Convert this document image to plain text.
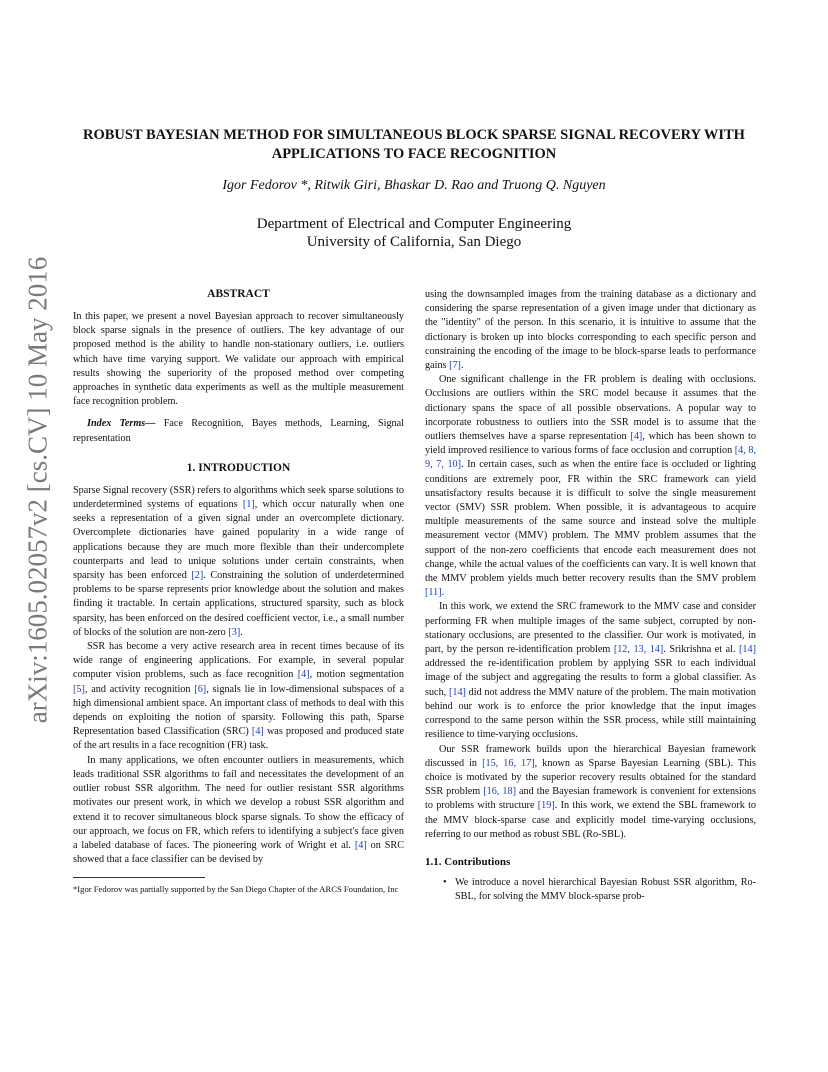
arXiv:1605.02057v2 [cs.CV] 10 May 2016
ROBUST BAYESIAN METHOD FOR SIMULTANEOUS BLOCK SPARSE SIGNAL RECOVERY WITH APPLICATIONS TO FACE RECOGNITION
Igor Fedorov *, Ritwik Giri, Bhaskar D. Rao and Truong Q. Nguyen
Department of Electrical and Computer Engineering
University of California, San Diego
ABSTRACT

In this paper, we present a novel Bayesian approach to recover simultaneously block sparse signals in the presence of outliers. The key advantage of our proposed method is the ability to handle non-stationary outliers, i.e. outliers which have time varying support. We validate our approach with empirical results showing the superiority of the proposed method over competing approaches in synthetic data experiments as well as the multiple measurement face recognition problem.

Index Terms— Face Recognition, Bayes methods, Learning, Signal representation

1. INTRODUCTION

Sparse Signal recovery (SSR) refers to algorithms which seek sparse solutions to underdetermined systems of equations [1], which occur naturally when one seeks a representation of a given signal under an overcomplete dictionary. Overcomplete dictionaries have gained popularity in a wide range of applications because they are much more flexible than their undercomplete counterparts and lead to unique solutions under certain constraints, when sparsity has been enforced [2]. Constraining the solution of underdetermined problems to be sparse represents prior knowledge about the solution and makes finding it tractable. In certain applications, structured sparsity, such as block sparsity, has been enforced on the desired coefficient vector, i.e., a small number of blocks of the solution are non-zero [3].

SSR has become a very active research area in recent times because of its wide range of engineering applications. For example, in several popular computer vision problems, such as face recognition [4], motion segmentation [5], and activity recognition [6], signals lie in low-dimensional subspaces of a high dimensional ambient space. An important class of methods to deal with this depends on exploiting the notion of sparsity. Following this path, Sparse Representation based Classification (SRC) [4] was proposed and produced state of the art results in a face recognition (FR) task.

In many applications, we often encounter outliers in measurements, which leads traditional SSR algorithms to fail and necessitates the development of an outlier robust SSR algorithm. The need for outlier resistant SSR algorithms motivates our present work, in which we develop a robust SSR algorithm and extend it to recover simultaneous block sparse signals. To show the efficacy of our approach, we focus on FR, which refers to identifying a subject's face given a labeled database of faces. The pioneering work of Wright et al. [4] on SRC showed that a face classifier can be devised by

*Igor Fedorov was partially supported by the San Diego Chapter of the ARCS Foundation, Inc

using the downsampled images from the training database as a dictionary and considering the sparse representation of a given image under that dictionary as the "identity" of the person. In this scenario, it is intuitive to assume that the dictionary is broken up into blocks corresponding to each specific person and constraining the encoding of the image to be block-sparse leads to performance gains [7].

One significant challenge in the FR problem is dealing with occlusions. Occlusions are outliers within the SRC model because it assumes that the dictionary spans the space of all possible observations. A popular way to incorporate robustness to outliers into the SSR model is to assume that the outliers themselves have a sparse representation [4], which has been shown to yield improved resilience to various forms of face occlusion and corruption [4, 8, 9, 7, 10]. In certain cases, such as when the entire face is occluded or lighting conditions are extremely poor, FR within the SRC framework can yield unsatisfactory results because it is difficult to solve the single measurement vector (SMV) SSR problem. When possible, it is advantageous to acquire multiple measurements of the same source and instead solve the multiple measurement vector (MMV) problem. The MMV problem assumes that the support of the non-zero coefficients that encode each measurement does not change, while the actual values of the coefficients can vary. It is well known that the MMV problem yields much better recovery results than the SMV problem [11].

In this work, we extend the SRC framework to the MMV case and consider performing FR when multiple images of the same subject, corrupted by non-stationary occlusions, are presented to the classifier. Our work is motivated, in part, by the person re-identification problem [12, 13, 14]. Srikrishna et al. [14] addressed the re-identification problem by applying SSR to each individual image of the subject and aggregating the results to form a global classifier. As such, [14] did not address the MMV nature of the problem. The main motivation behind our work is to enforce the prior knowledge that the input images correspond to the same person within the SSR process, while still maintaining resilience to time-varying occlusions.

Our SSR framework builds upon the hierarchical Bayesian framework discussed in [15, 16, 17], known as Sparse Bayesian Learning (SBL). This choice is motivated by the superior recovery results obtained for the standard SSR problem [16, 18] and the Bayesian framework is convenient for extensions to problems with structure [19]. In this work, we extend the SBL framework to the MMV block-sparse case and explicitly model time-varying occlusions, referring to our method as robust SBL (Ro-SBL).

1.1. Contributions
• We introduce a novel hierarchical Bayesian Robust SSR algorithm, Ro-SBL, for solving the MMV block-sparse prob-
